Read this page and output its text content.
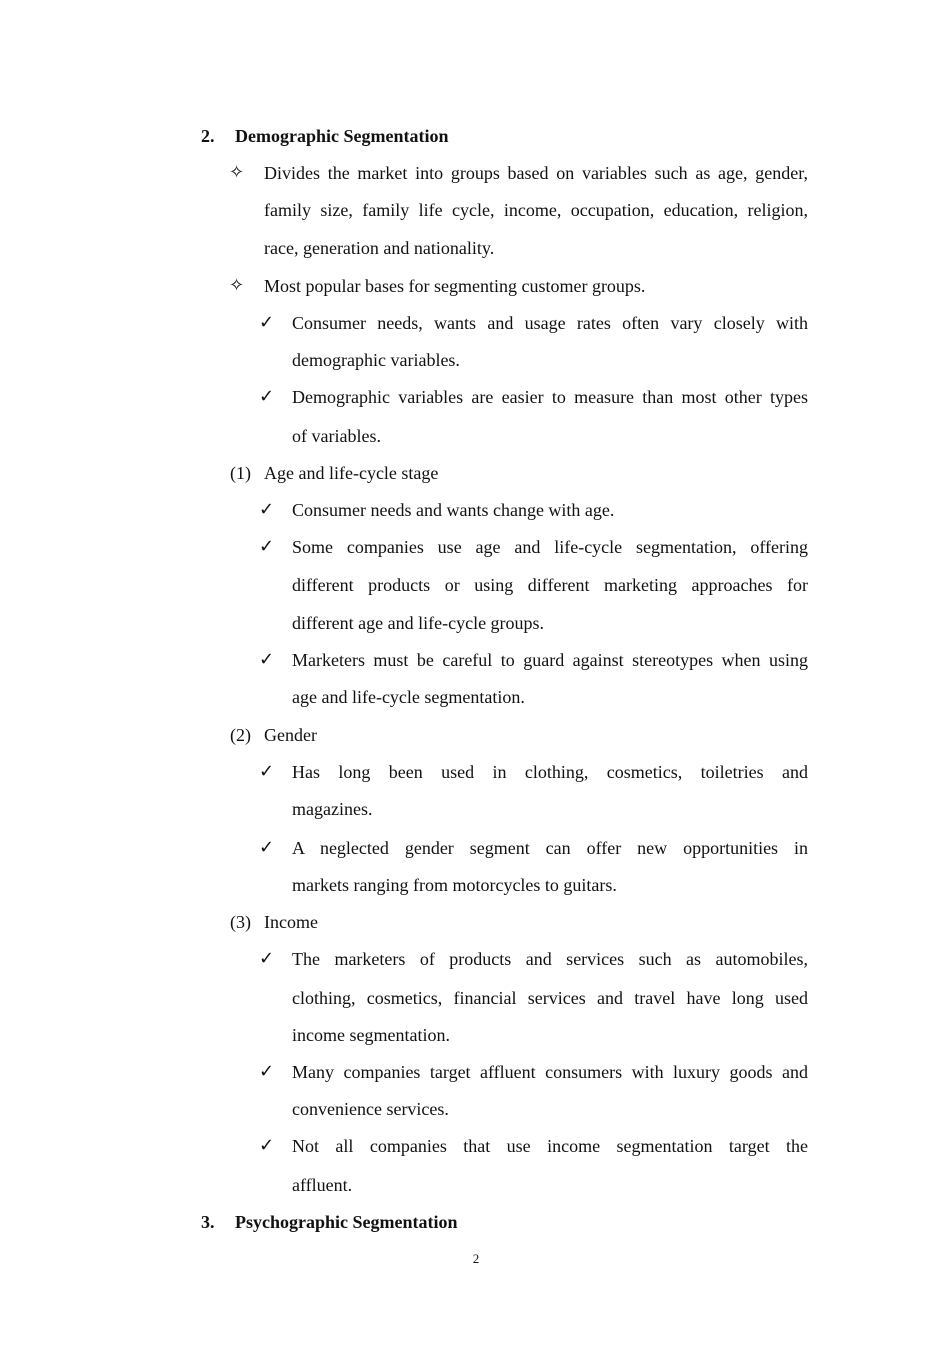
2. Demographic Segmentation
✧ Divides the market into groups based on variables such as age, gender,
family size, family life cycle, income, occupation, education, religion,
race, generation and nationality.
✧ Most popular bases for segmenting customer groups.
✓ Consumer needs, wants and usage rates often vary closely with
demographic variables.
✓ Demographic variables are easier to measure than most other types
of variables.
(1) Age and life-cycle stage
✓ Consumer needs and wants change with age.
✓ Some companies use age and life-cycle segmentation, offering
different products or using different marketing approaches for
different age and life-cycle groups.
✓ Marketers must be careful to guard against stereotypes when using
age and life-cycle segmentation.
(2) Gender
✓ Has long been used in clothing, cosmetics, toiletries and
magazines.
✓ A neglected gender segment can offer new opportunities in
markets ranging from motorcycles to guitars.
(3) Income
✓ The marketers of products and services such as automobiles,
clothing, cosmetics, financial services and travel have long used
income segmentation.
✓ Many companies target affluent consumers with luxury goods and
convenience services.
✓ Not all companies that use income segmentation target the
affluent.
3. Psychographic Segmentation
2
